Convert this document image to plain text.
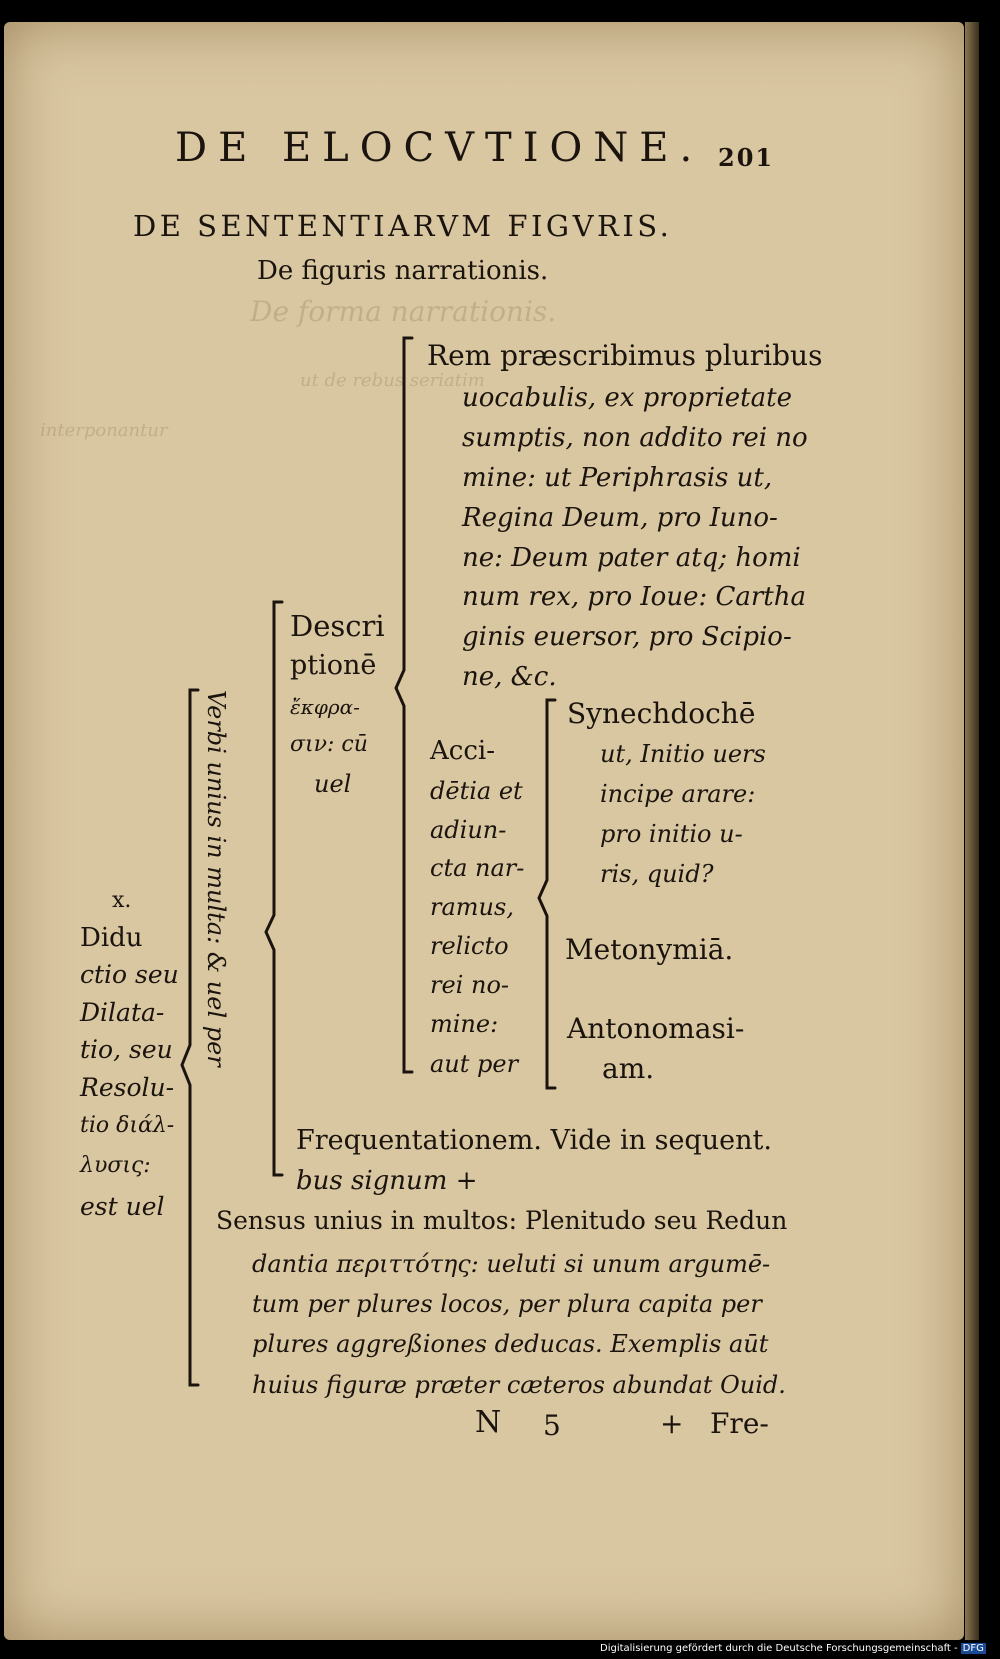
De forma narrationis.
ut de rebus seriatim
interponantur
DE ELOCVTIONE. 201
DE SENTENTIARVM FIGVRIS.
De figuris narrationis.
x.
Didu
ctio seu
Dilata-
tio, seu
Resolu-
tio διάλ-
λυσις:
est uel
Verbi unius in multa: & uel per
Descri
ptionē
ἔκφρα-
σιν: cū
uel
Rem præscribimus pluribus
uocabulis, ex proprietate
sumptis, non addito rei no
mine: ut Periphrasis ut,
Regina Deum, pro Iuno-
ne: Deum pater atq; homi
num rex, pro Ioue: Cartha
ginis euersor, pro Scipio-
ne, &c.
Acci-
dētia et
adiun-
cta nar-
ramus,
relicto
rei no-
mine:
aut per
Synechdochē
ut, Initio uers
incipe arare:
pro initio u-
ris, quid?
Metonymiā.
Antonomasi-
am.
Frequentationem. Vide in sequent.
bus signum +
Sensus unius in multos: Plenitudo seu Redun
dantia περιττότης: ueluti si unum argumē-
tum per plures locos, per plura capita per
plures aggreßiones deducas. Exemplis aūt
huius figuræ præter cæteros abundat Ouid.
N 5	+ Fre-
Digitalisierung gefördert durch die Deutsche Forschungsgemeinschaft - DFG
